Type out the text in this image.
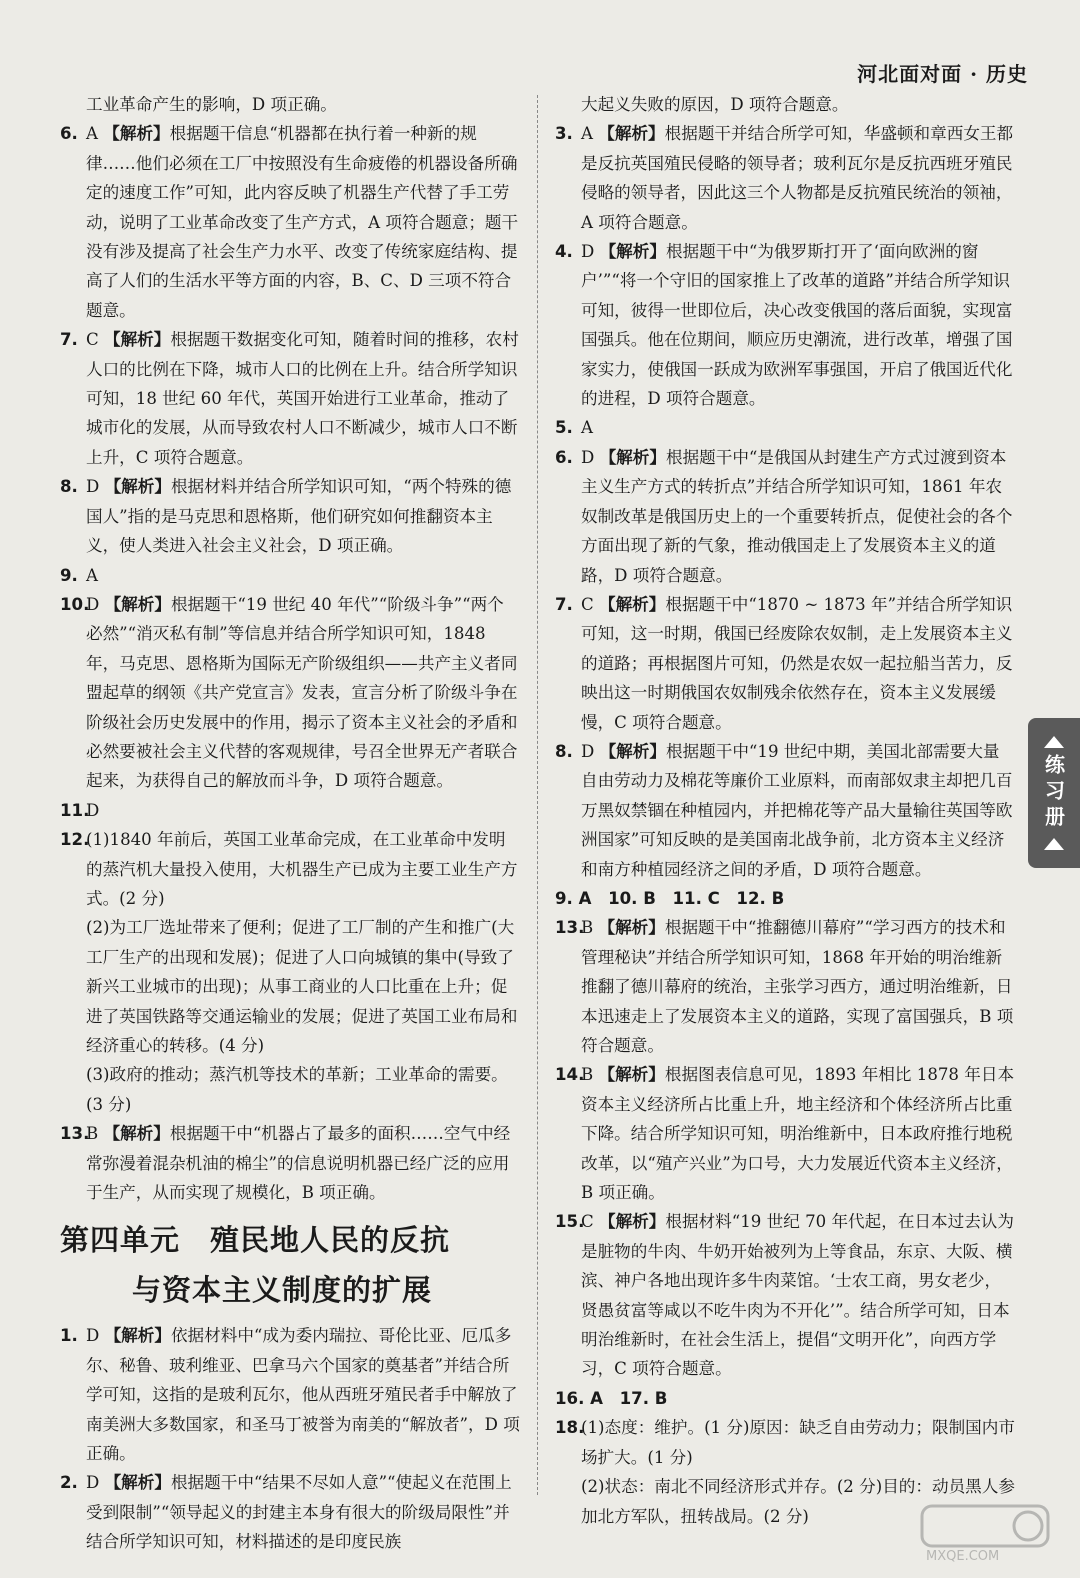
河北面对面 · 历史

工业革命产生的影响，D 项正确。

6. A 【解析】根据题干信息“机器都在执行着一种新的规律……他们必须在工厂中按照没有生命疲倦的机器设备所确定的速度工作”可知，此内容反映了机器生产代替了手工劳动，说明了工业革命改变了生产方式，A 项符合题意；题干没有涉及提高了社会生产力水平、改变了传统家庭结构、提高了人们的生活水平等方面的内容，B、C、D 三项不符合题意。

7. C 【解析】根据题干数据变化可知，随着时间的推移，农村人口的比例在下降，城市人口的比例在上升。结合所学知识可知，18 世纪 60 年代，英国开始进行工业革命，推动了城市化的发展，从而导致农村人口不断减少，城市人口不断上升，C 项符合题意。

8. D 【解析】根据材料并结合所学知识可知，“两个特殊的德国人”指的是马克思和恩格斯，他们研究如何推翻资本主义，使人类进入社会主义社会，D 项正确。

9. A

10.
D 【解析】根据题干“19 世纪 40 年代”“阶级斗争”“两个必然”“消灭私有制”等信息并结合所学知识可知，1848 年，马克思、恩格斯为国际无产阶级组织——共产主义者同盟起草的纲领《共产党宣言》发表，宣言分析了阶级斗争在阶级社会历史发展中的作用，揭示了资本主义社会的矛盾和必然要被社会主义代替的客观规律，号召全世界无产者联合起来，为获得自己的解放而斗争，D 项符合题意。

11.
D

12.

(1)1840 年前后，英国工业革命完成，在工业革命中发明的蒸汽机大量投入使用，大机器生产已成为主要工业生产方式。(2 分)

(2)为工厂选址带来了便利；促进了工厂制的产生和推广(大工厂生产的出现和发展)；促进了人口向城镇的集中(导致了新兴工业城市的出现)；从事工商业的人口比重在上升；促进了英国铁路等交通运输业的发展；促进了英国工业布局和经济重心的转移。(4 分)

(3)政府的推动；蒸汽机等技术的革新；工业革命的需要。(3 分)

13.
B 【解析】根据题干中“机器占了最多的面积……空气中经常弥漫着混杂机油的棉尘”的信息说明机器已经广泛的应用于生产，从而实现了规模化，B 项正确。

第四单元　殖民地人民的反抗
与资本主义制度的扩展

1. D 【解析】依据材料中“成为委内瑞拉、哥伦比亚、厄瓜多尔、秘鲁、玻利维亚、巴拿马六个国家的奠基者”并结合所学可知，这指的是玻利瓦尔，他从西班牙殖民者手中解放了南美洲大多数国家，和圣马丁被誉为南美的“解放者”，D 项正确。

2. D 【解析】根据题干中“结果不尽如人意”“使起义在范围上受到限制”“领导起义的封建主本身有很大的阶级局限性”并结合所学知识可知，材料描述的是印度民族

大起义失败的原因，D 项符合题意。

3. A 【解析】根据题干并结合所学可知，华盛顿和章西女王都是反抗英国殖民侵略的领导者；玻利瓦尔是反抗西班牙殖民侵略的领导者，因此这三个人物都是反抗殖民统治的领袖，A 项符合题意。

4. D 【解析】根据题干中“为俄罗斯打开了‘面向欧洲的窗户’”“将一个守旧的国家推上了改革的道路”并结合所学知识可知，彼得一世即位后，决心改变俄国的落后面貌，实现富国强兵。他在位期间，顺应历史潮流，进行改革，增强了国家实力，使俄国一跃成为欧洲军事强国，开启了俄国近代化的进程，D 项符合题意。

5. A

6. D 【解析】根据题干中“是俄国从封建生产方式过渡到资本主义生产方式的转折点”并结合所学知识可知，1861 年农奴制改革是俄国历史上的一个重要转折点，促使社会的各个方面出现了新的气象，推动俄国走上了发展资本主义的道路，D 项符合题意。

7. C 【解析】根据题干中“1870 ~ 1873 年”并结合所学知识可知，这一时期，俄国已经废除农奴制，走上发展资本主义的道路；再根据图片可知，仍然是农奴一起拉船当苦力，反映出这一时期俄国农奴制残余依然存在，资本主义发展缓慢，C 项符合题意。

8. D 【解析】根据题干中“19 世纪中期，美国北部需要大量自由劳动力及棉花等廉价工业原料，而南部奴隶主却把几百万黑奴禁锢在种植园内，并把棉花等产品大量输往英国等欧洲国家”可知反映的是美国南北战争前，北方资本主义经济和南方种植园经济之间的矛盾，D 项符合题意。

9. A　10. B　11. C　12. B

13.
B 【解析】根据题干中“推翻德川幕府”“学习西方的技术和管理秘诀”并结合所学知识可知，1868 年开始的明治维新推翻了德川幕府的统治，主张学习西方，通过明治维新，日本迅速走上了发展资本主义的道路，实现了富国强兵，B 项符合题意。

14.
B 【解析】根据图表信息可见，1893 年相比 1878 年日本资本主义经济所占比重上升，地主经济和个体经济所占比重下降。结合所学知识可知，明治维新中，日本政府推行地税改革，以“殖产兴业”为口号，大力发展近代资本主义经济，B 项正确。

15.
C 【解析】根据材料“19 世纪 70 年代起，在日本过去认为是脏物的牛肉、牛奶开始被列为上等食品，东京、大阪、横滨、神户各地出现许多牛肉菜馆。‘士农工商，男女老少，贤愚贫富等咸以不吃牛肉为不开化’”。结合所学可知，日本明治维新时，在社会生活上，提倡“文明开化”，向西方学习，C 项符合题意。

16. A　17. B

18.

(1)态度：维护。(1 分)原因：缺乏自由劳动力；限制国内市场扩大。(1 分)

(2)状态：南北不同经济形式并存。(2 分)目的：动员黑人参加北方军队，扭转战局。(2 分)

练习册
MXQE.COM
